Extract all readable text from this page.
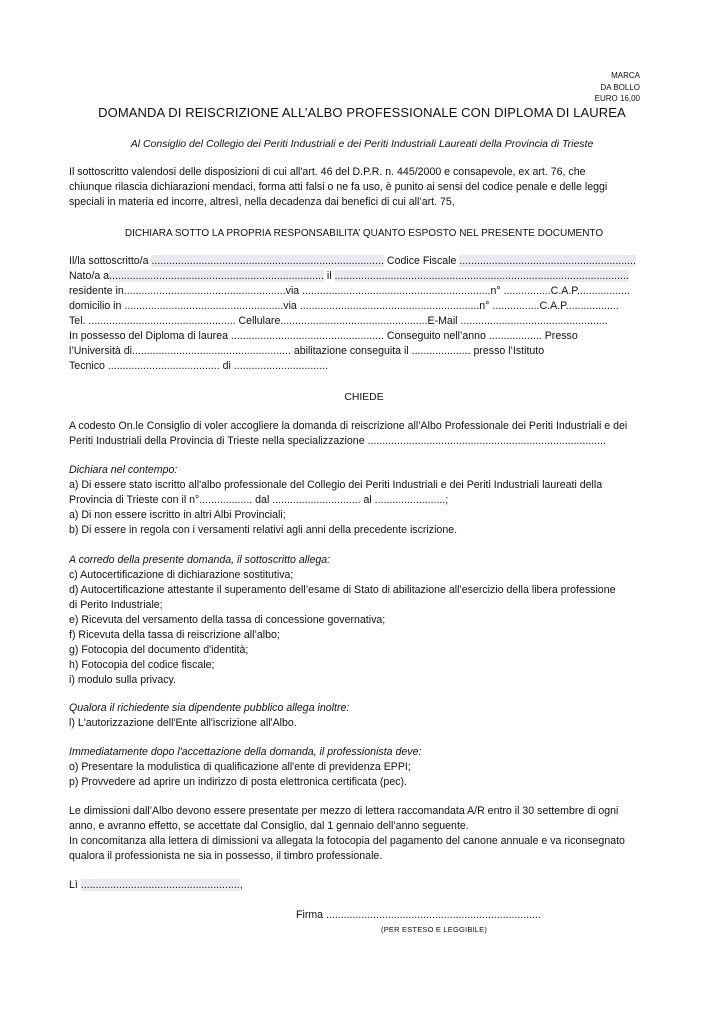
MARCA
DA BOLLO
EURO 16,00
DOMANDA DI REISCRIZIONE ALL’ALBO PROFESSIONALE CON DIPLOMA DI LAUREA
Al Consiglio del Collegio dei Periti Industriali e dei Periti Industriali Laureati della Provincia di Trieste
Il sottoscritto valendosi delle disposizioni di cui all'art. 46 del D.P.R. n. 445/2000 e consapevole, ex art. 76, che
chiunque rilascia dichiarazioni mendaci, forma atti falsi o ne fa uso, è punito ai sensi del codice penale e delle leggi
speciali in materia ed incorre, altresì, nella decadenza dai benefici di cui all’art. 75,
DICHIARA SOTTO LA PROPRIA RESPONSABILITA’ QUANTO ESPOSTO NEL PRESENTE DOCUMENTO
Il/la sottoscritto/a ............................................................................... Codice Fiscale ............................................................
Nato/a a......................................................................... il ....................................................................................................
residente in.......................................................via ................................................................n° ................C.A.P..................
domicilio in ......................................................via .............................................................n° ................C.A.P..................
Tel. .................................................. Cellulare..................................................E-Mail ..................................................
In possesso del Diploma di laurea .................................................... Conseguito nell’anno .................. Presso
l’Università di...................................................... abilitazione conseguita il .................... presso l’Istituto
Tecnico ...................................... di ................................
CHIEDE
A codesto On.le Consiglio di voler accogliere la domanda di reiscrizione all’Albo Professionale dei Periti Industriali e dei
Periti Industriali della Provincia di Trieste nella specializzazione .................................................................................
Dichiara nel contempo:
a) Di essere stato iscritto all'albo professionale del Collegio dei Periti Industriali e dei Periti Industriali laureati della
Provincia di Trieste con il n°.................. dal .............................. al ........................;
a) Di non essere iscritto in altri Albi Provinciali;
b) Di essere in regola con i versamenti relativi agli anni della precedente iscrizione.
A corredo della presente domanda, il sottoscritto allega:
c) Autocertificazione di dichiarazione sostitutiva;
d) Autocertificazione attestante il superamento dell’esame di Stato di abilitazione all’esercizio della libera professione
di Perito Industriale;
e) Ricevuta del versamento della tassa di concessione governativa;
f) Ricevuta della tassa di reiscrizione all’albo;
g) Fotocopia del documento d'identità;
h) Fotocopia del codice fiscale;
i) modulo sulla privacy.
Qualora il richiedente sia dipendente pubblico allega inoltre:
l) L'autorizzazione dell'Ente all'iscrizione all'Albo.
Immediatamente dopo l'accettazione della domanda, il professionista deve:
o) Presentare la modulistica di qualificazione all'ente di previdenza EPPI;
p) Provvedere ad aprire un indirizzo di posta elettronica certificata (pec).
Le dimissioni dall’Albo devono essere presentate per mezzo di lettera raccomandata A/R entro il 30 settembre di ogni
anno, e avranno effetto, se accettate dal Consiglio, dal 1 gennaio dell’anno seguente.
In concomitanza alla lettera di dimissioni va allegata la fotocopia del pagamento del canone annuale e va riconsegnato
qualora il professionista ne sia in possesso, il timbro professionale.
Lì ......................................................,
Firma .........................................................................
(PER ESTESO E LEGGIBILE)
